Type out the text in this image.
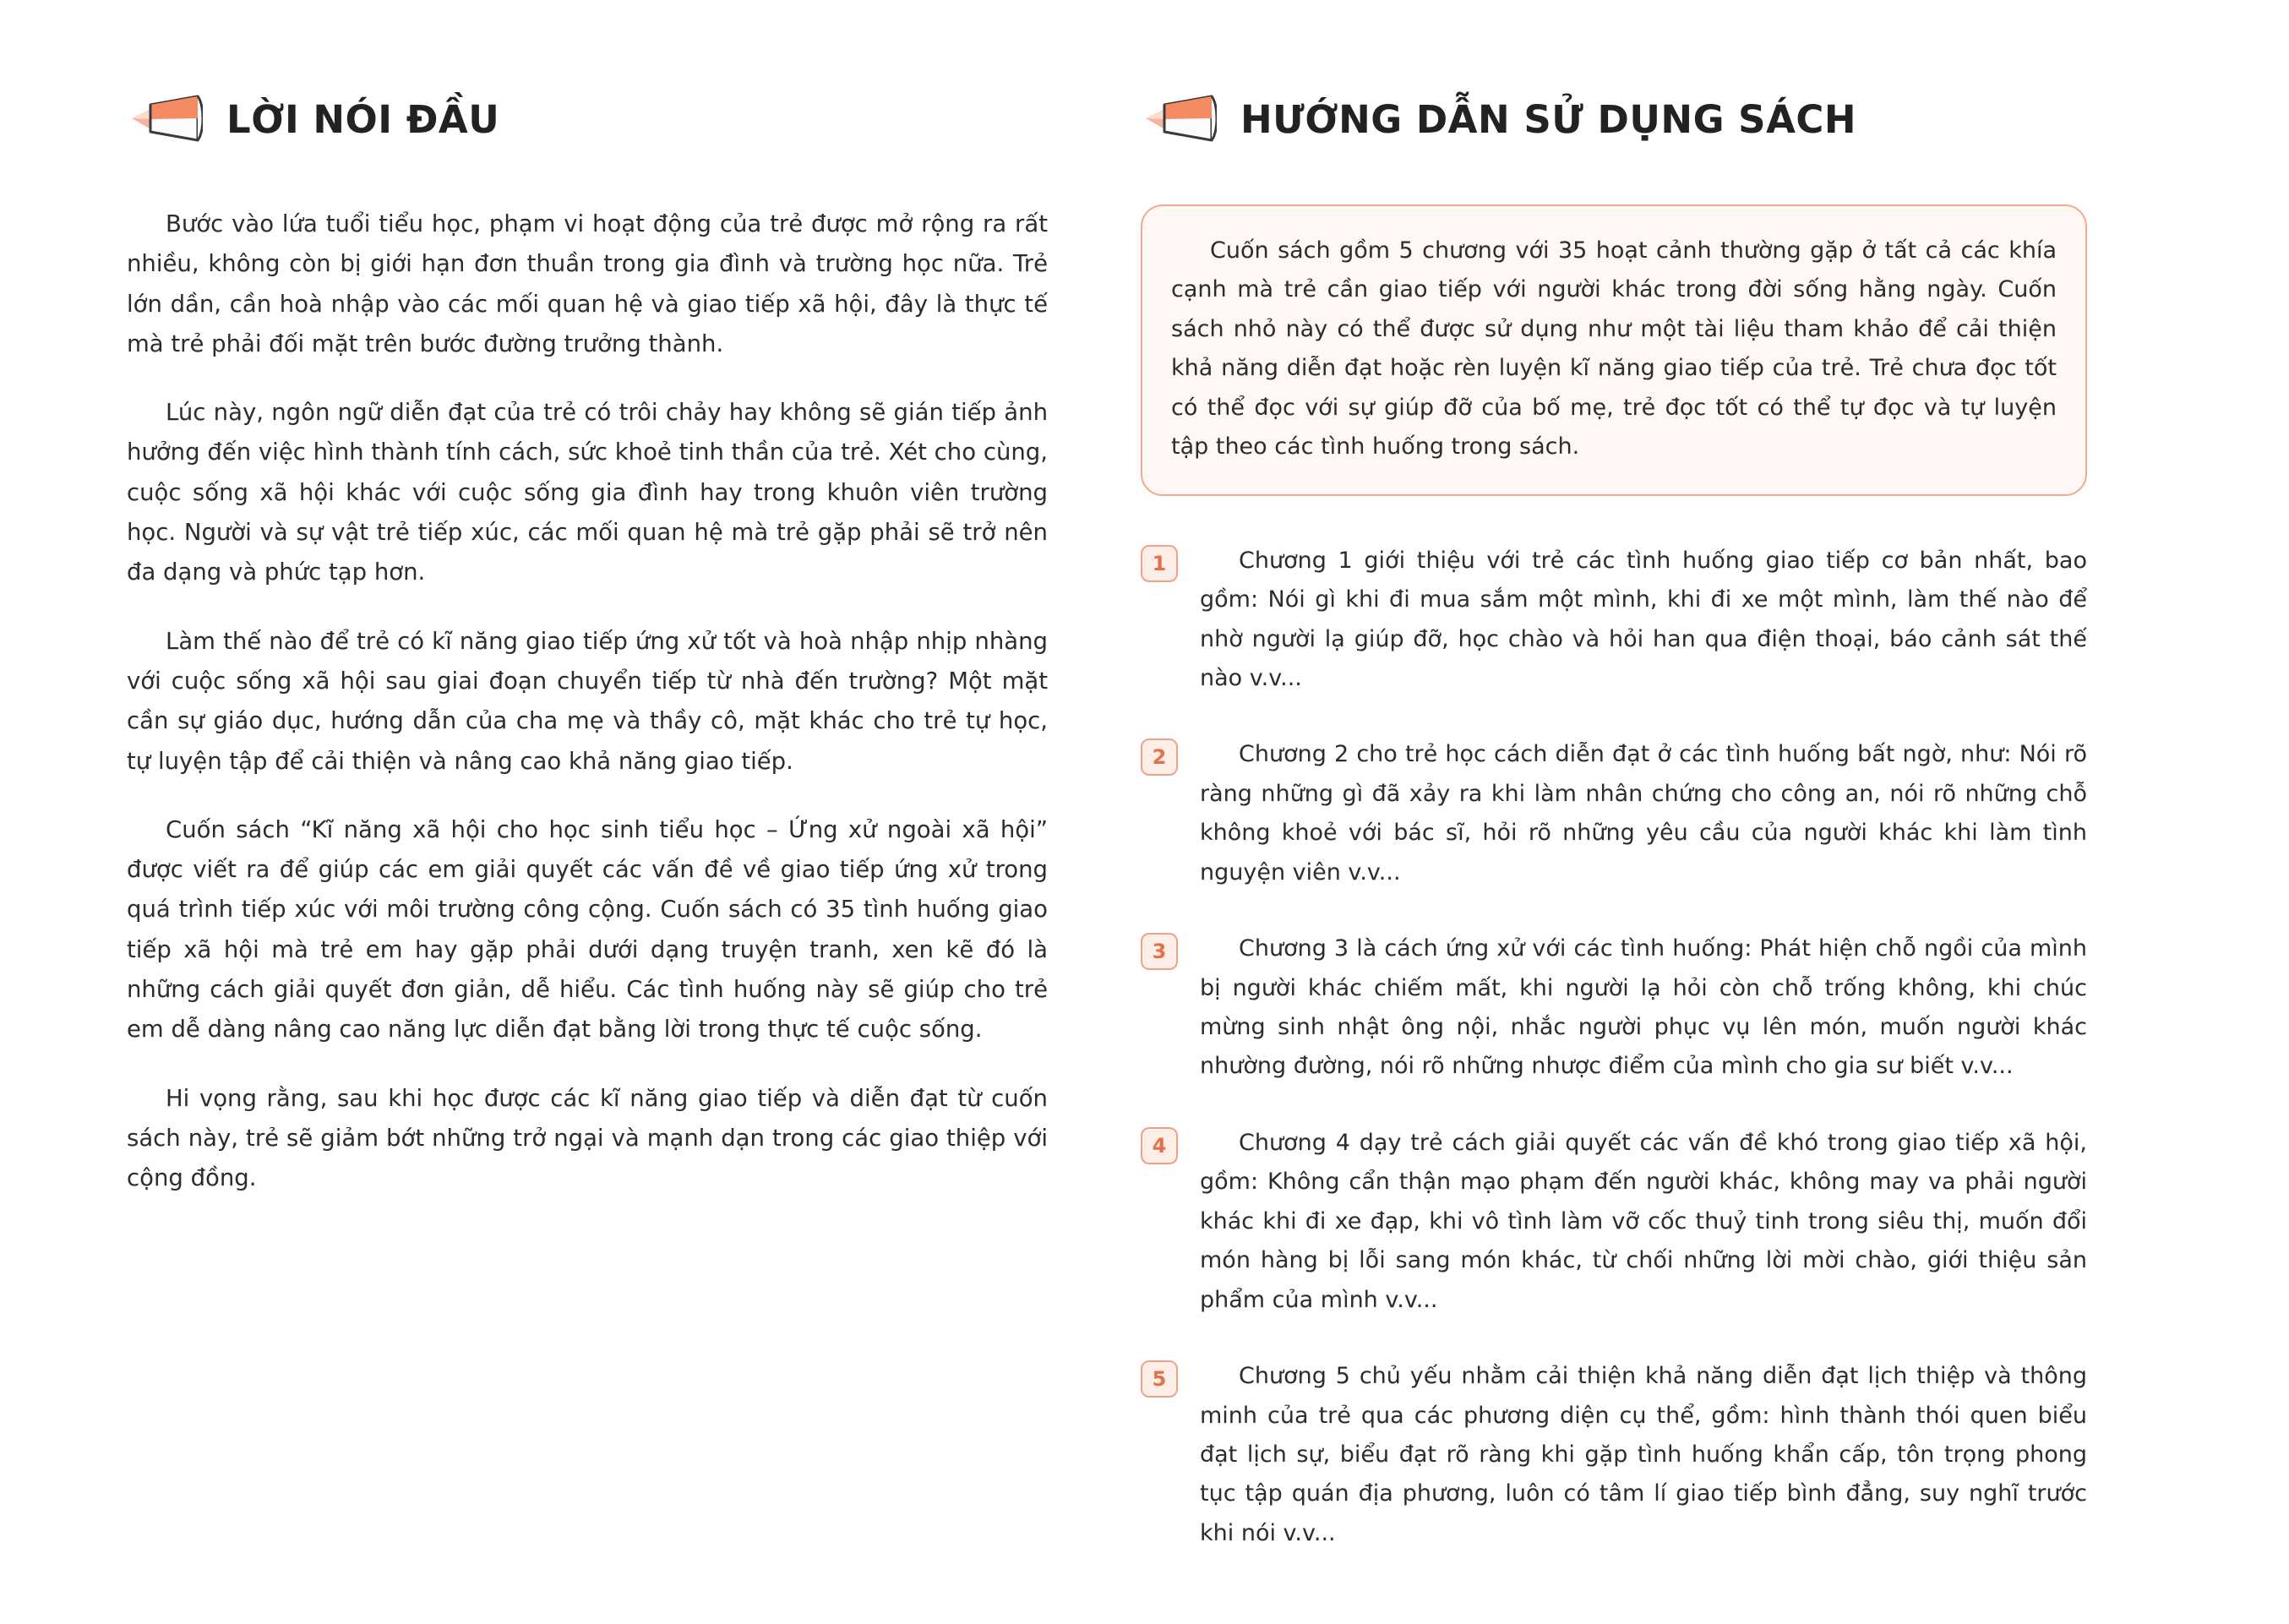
LỜI NÓI ĐẦU

Bước vào lứa tuổi tiểu học, phạm vi hoạt động của trẻ được mở rộng ra rất nhiều, không còn bị giới hạn đơn thuần trong gia đình và trường học nữa. Trẻ lớn dần, cần hoà nhập vào các mối quan hệ và giao tiếp xã hội, đây là thực tế mà trẻ phải đối mặt trên bước đường trưởng thành.

Lúc này, ngôn ngữ diễn đạt của trẻ có trôi chảy hay không sẽ gián tiếp ảnh hưởng đến việc hình thành tính cách, sức khoẻ tinh thần của trẻ. Xét cho cùng, cuộc sống xã hội khác với cuộc sống gia đình hay trong khuôn viên trường học. Người và sự vật trẻ tiếp xúc, các mối quan hệ mà trẻ gặp phải sẽ trở nên đa dạng và phức tạp hơn.

Làm thế nào để trẻ có kĩ năng giao tiếp ứng xử tốt và hoà nhập nhịp nhàng với cuộc sống xã hội sau giai đoạn chuyển tiếp từ nhà đến trường? Một mặt cần sự giáo dục, hướng dẫn của cha mẹ và thầy cô, mặt khác cho trẻ tự học, tự luyện tập để cải thiện và nâng cao khả năng giao tiếp.

Cuốn sách “Kĩ năng xã hội cho học sinh tiểu học – Ứng xử ngoài xã hội” được viết ra để giúp các em giải quyết các vấn đề về giao tiếp ứng xử trong quá trình tiếp xúc với môi trường công cộng. Cuốn sách có 35 tình huống giao tiếp xã hội mà trẻ em hay gặp phải dưới dạng truyện tranh, xen kẽ đó là những cách giải quyết đơn giản, dễ hiểu. Các tình huống này sẽ giúp cho trẻ em dễ dàng nâng cao năng lực diễn đạt bằng lời trong thực tế cuộc sống.

Hi vọng rằng, sau khi học được các kĩ năng giao tiếp và diễn đạt từ cuốn sách này, trẻ sẽ giảm bớt những trở ngại và mạnh dạn trong các giao thiệp với cộng đồng.

HƯỚNG DẪN SỬ DỤNG SÁCH

Cuốn sách gồm 5 chương với 35 hoạt cảnh thường gặp ở tất cả các khía cạnh mà trẻ cần giao tiếp với người khác trong đời sống hằng ngày. Cuốn sách nhỏ này có thể được sử dụng như một tài liệu tham khảo để cải thiện khả năng diễn đạt hoặc rèn luyện kĩ năng giao tiếp của trẻ. Trẻ chưa đọc tốt có thể đọc với sự giúp đỡ của bố mẹ, trẻ đọc tốt có thể tự đọc và tự luyện tập theo các tình huống trong sách.

1	Chương 1 giới thiệu với trẻ các tình huống giao tiếp cơ bản nhất, bao gồm: Nói gì khi đi mua sắm một mình, khi đi xe một mình, làm thế nào để nhờ người lạ giúp đỡ, học chào và hỏi han qua điện thoại, báo cảnh sát thế nào v.v...
2	Chương 2 cho trẻ học cách diễn đạt ở các tình huống bất ngờ, như: Nói rõ ràng những gì đã xảy ra khi làm nhân chứng cho công an, nói rõ những chỗ không khoẻ với bác sĩ, hỏi rõ những yêu cầu của người khác khi làm tình nguyện viên v.v...
3	Chương 3 là cách ứng xử với các tình huống: Phát hiện chỗ ngồi của mình bị người khác chiếm mất, khi người lạ hỏi còn chỗ trống không, khi chúc mừng sinh nhật ông nội, nhắc người phục vụ lên món, muốn người khác nhường đường, nói rõ những nhược điểm của mình cho gia sư biết v.v...
4	Chương 4 dạy trẻ cách giải quyết các vấn đề khó trong giao tiếp xã hội, gồm: Không cẩn thận mạo phạm đến người khác, không may va phải người khác khi đi xe đạp, khi vô tình làm vỡ cốc thuỷ tinh trong siêu thị, muốn đổi món hàng bị lỗi sang món khác, từ chối những lời mời chào, giới thiệu sản phẩm của mình v.v...
5	Chương 5 chủ yếu nhằm cải thiện khả năng diễn đạt lịch thiệp và thông minh của trẻ qua các phương diện cụ thể, gồm: hình thành thói quen biểu đạt lịch sự, biểu đạt rõ ràng khi gặp tình huống khẩn cấp, tôn trọng phong tục tập quán địa phương, luôn có tâm lí giao tiếp bình đẳng, suy nghĩ trước khi nói v.v...
